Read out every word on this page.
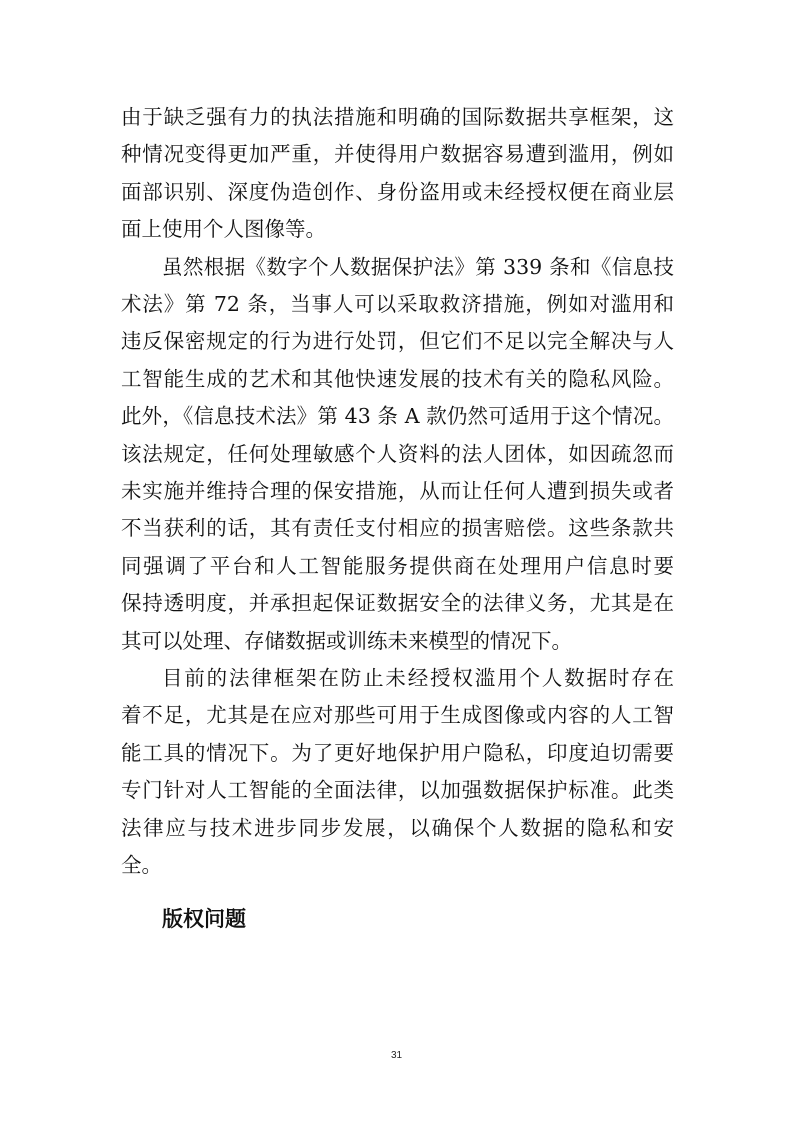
由于缺乏强有力的执法措施和明确的国际数据共享框架，这
种情况变得更加严重，并使得用户数据容易遭到滥用，例如
面部识别、深度伪造创作、身份盗用或未经授权便在商业层
面上使用个人图像等。
虽然根据《数字个人数据保护法》第 339 条和《信息技
术法》第 72 条，当事人可以采取救济措施，例如对滥用和
违反保密规定的行为进行处罚，但它们不足以完全解决与人
工智能生成的艺术和其他快速发展的技术有关的隐私风险。
此外，《信息技术法》第 43 条 A 款仍然可适用于这个情况。
该法规定，任何处理敏感个人资料的法人团体，如因疏忽而
未实施并维持合理的保安措施，从而让任何人遭到损失或者
不当获利的话，其有责任支付相应的损害赔偿。这些条款共
同强调了平台和人工智能服务提供商在处理用户信息时要
保持透明度，并承担起保证数据安全的法律义务，尤其是在
其可以处理、存储数据或训练未来模型的情况下。
目前的法律框架在防止未经授权滥用个人数据时存在
着不足，尤其是在应对那些可用于生成图像或内容的人工智
能工具的情况下。为了更好地保护用户隐私，印度迫切需要
专门针对人工智能的全面法律，以加强数据保护标准。此类
法律应与技术进步同步发展，以确保个人数据的隐私和安
全。
版权问题
31
